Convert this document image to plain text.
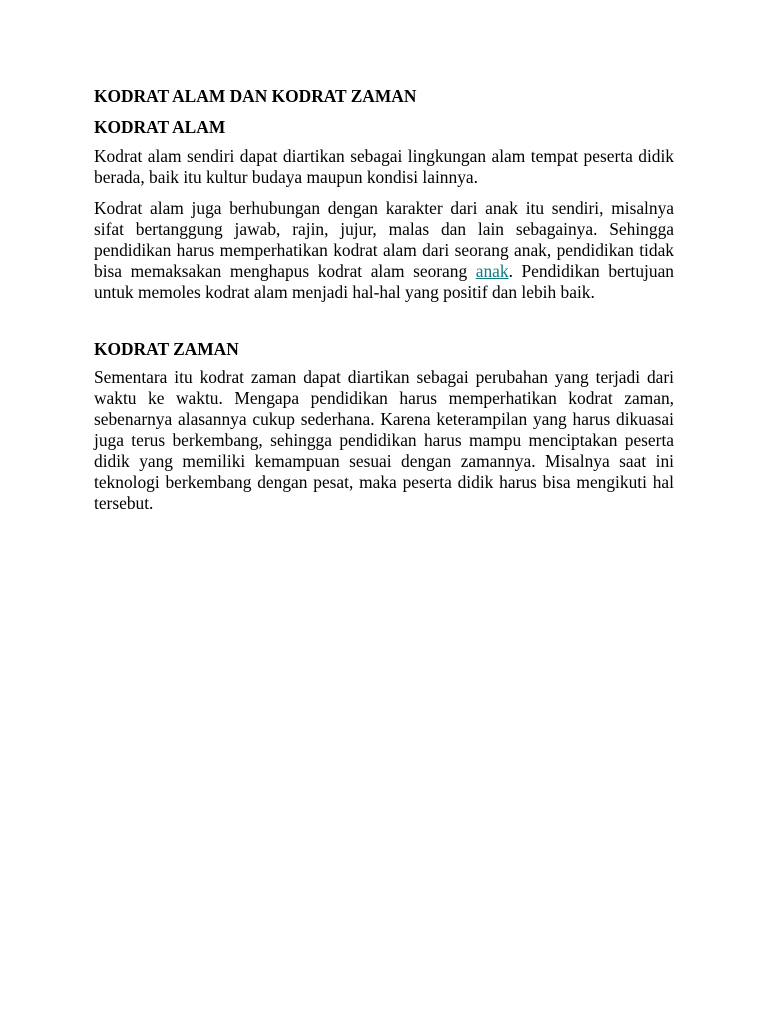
KODRAT ALAM DAN KODRAT ZAMAN
KODRAT ALAM

Kodrat alam sendiri dapat diartikan sebagai lingkungan alam tempat peserta didik berada, baik itu kultur budaya maupun kondisi lainnya.

Kodrat alam juga berhubungan dengan karakter dari anak itu sendiri, misalnya sifat bertanggung jawab, rajin, jujur, malas dan lain sebagainya. Sehingga pendidikan harus memperhatikan kodrat alam dari seorang anak, pendidikan tidak bisa memaksakan menghapus kodrat alam seorang anak. Pendidikan bertujuan untuk memoles kodrat alam menjadi hal-hal yang positif dan lebih baik.

KODRAT ZAMAN

Sementara itu kodrat zaman dapat diartikan sebagai perubahan yang terjadi dari waktu ke waktu. Mengapa pendidikan harus memperhatikan kodrat zaman, sebenarnya alasannya cukup sederhana. Karena keterampilan yang harus dikuasai juga terus berkembang, sehingga pendidikan harus mampu menciptakan peserta didik yang memiliki kemampuan sesuai dengan zamannya. Misalnya saat ini teknologi berkembang dengan pesat, maka peserta didik harus bisa mengikuti hal tersebut.
